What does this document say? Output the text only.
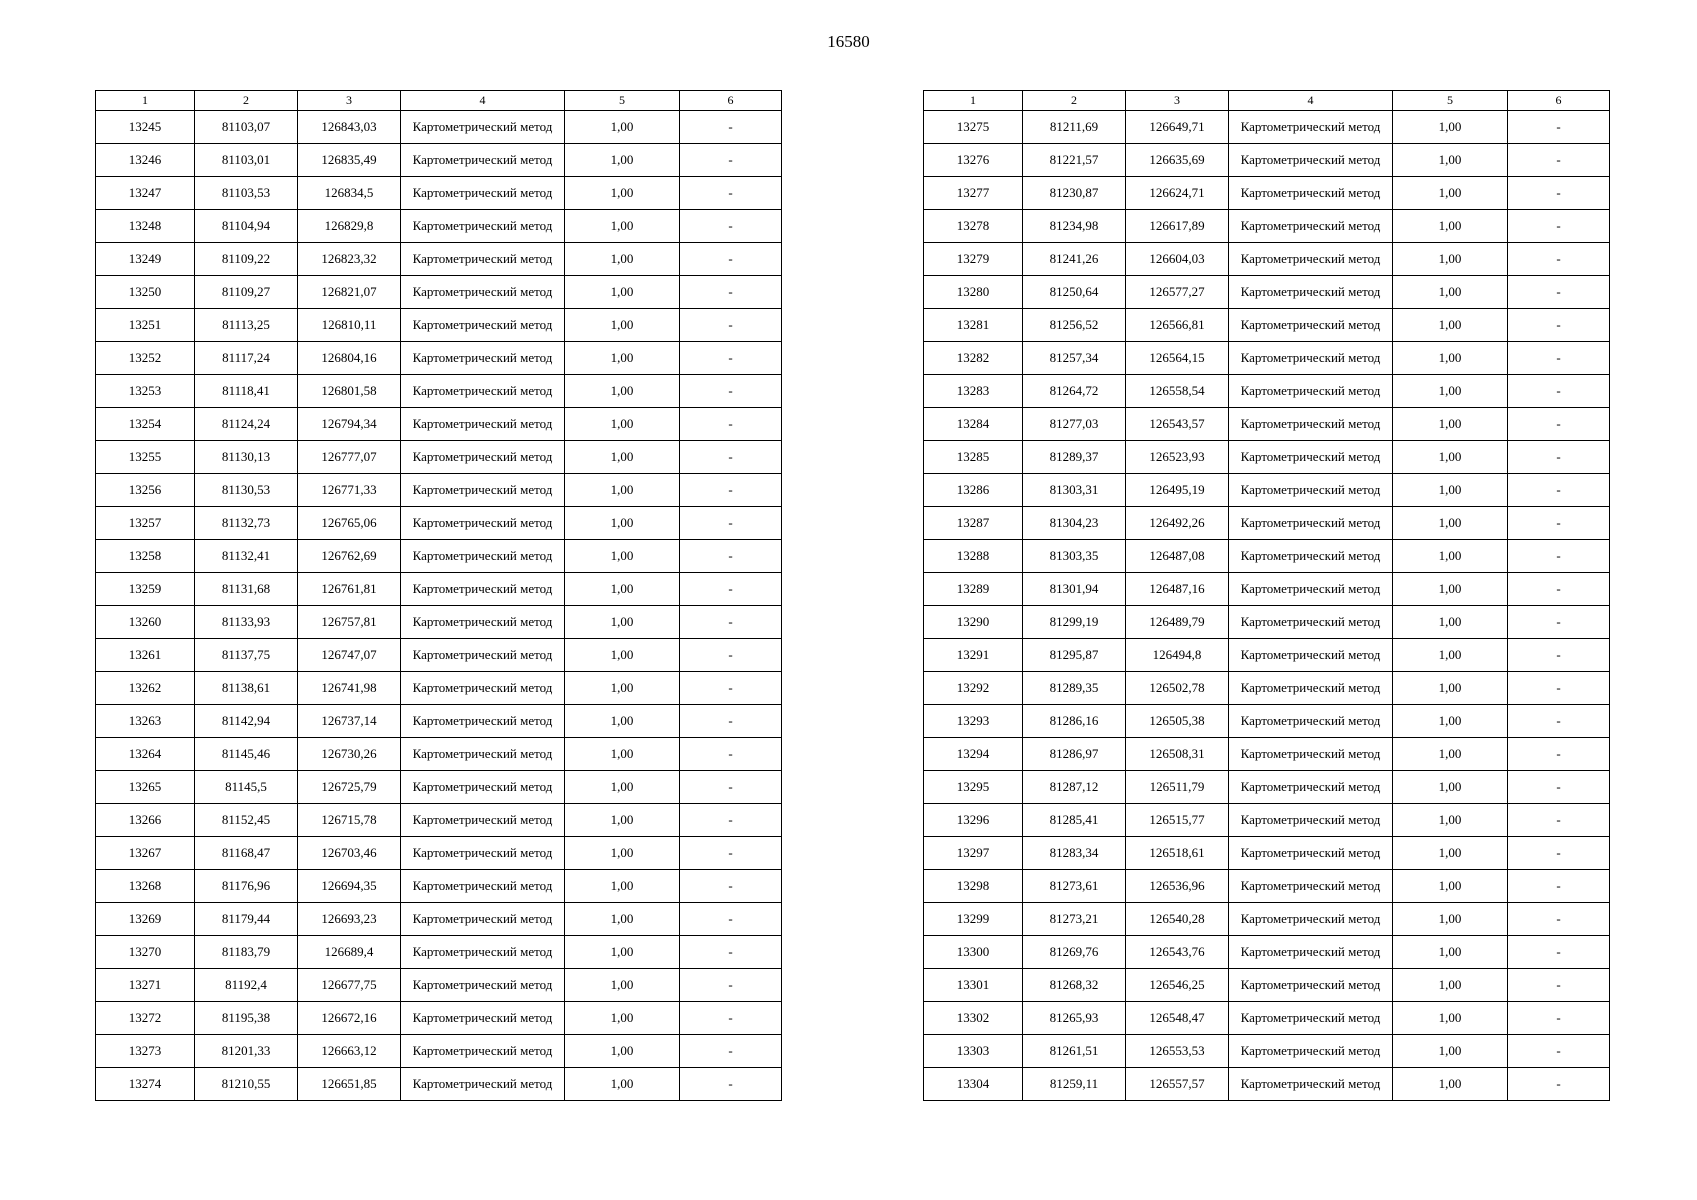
16580
1	2	3	4	5	6
13245	81103,07	126843,03	Картометрический метод	1,00	-
13246	81103,01	126835,49	Картометрический метод	1,00	-
13247	81103,53	126834,5	Картометрический метод	1,00	-
13248	81104,94	126829,8	Картометрический метод	1,00	-
13249	81109,22	126823,32	Картометрический метод	1,00	-
13250	81109,27	126821,07	Картометрический метод	1,00	-
13251	81113,25	126810,11	Картометрический метод	1,00	-
13252	81117,24	126804,16	Картометрический метод	1,00	-
13253	81118,41	126801,58	Картометрический метод	1,00	-
13254	81124,24	126794,34	Картометрический метод	1,00	-
13255	81130,13	126777,07	Картометрический метод	1,00	-
13256	81130,53	126771,33	Картометрический метод	1,00	-
13257	81132,73	126765,06	Картометрический метод	1,00	-
13258	81132,41	126762,69	Картометрический метод	1,00	-
13259	81131,68	126761,81	Картометрический метод	1,00	-
13260	81133,93	126757,81	Картометрический метод	1,00	-
13261	81137,75	126747,07	Картометрический метод	1,00	-
13262	81138,61	126741,98	Картометрический метод	1,00	-
13263	81142,94	126737,14	Картометрический метод	1,00	-
13264	81145,46	126730,26	Картометрический метод	1,00	-
13265	81145,5	126725,79	Картометрический метод	1,00	-
13266	81152,45	126715,78	Картометрический метод	1,00	-
13267	81168,47	126703,46	Картометрический метод	1,00	-
13268	81176,96	126694,35	Картометрический метод	1,00	-
13269	81179,44	126693,23	Картометрический метод	1,00	-
13270	81183,79	126689,4	Картометрический метод	1,00	-
13271	81192,4	126677,75	Картометрический метод	1,00	-
13272	81195,38	126672,16	Картометрический метод	1,00	-
13273	81201,33	126663,12	Картометрический метод	1,00	-
13274	81210,55	126651,85	Картометрический метод	1,00	-
1	2	3	4	5	6
13275	81211,69	126649,71	Картометрический метод	1,00	-
13276	81221,57	126635,69	Картометрический метод	1,00	-
13277	81230,87	126624,71	Картометрический метод	1,00	-
13278	81234,98	126617,89	Картометрический метод	1,00	-
13279	81241,26	126604,03	Картометрический метод	1,00	-
13280	81250,64	126577,27	Картометрический метод	1,00	-
13281	81256,52	126566,81	Картометрический метод	1,00	-
13282	81257,34	126564,15	Картометрический метод	1,00	-
13283	81264,72	126558,54	Картометрический метод	1,00	-
13284	81277,03	126543,57	Картометрический метод	1,00	-
13285	81289,37	126523,93	Картометрический метод	1,00	-
13286	81303,31	126495,19	Картометрический метод	1,00	-
13287	81304,23	126492,26	Картометрический метод	1,00	-
13288	81303,35	126487,08	Картометрический метод	1,00	-
13289	81301,94	126487,16	Картометрический метод	1,00	-
13290	81299,19	126489,79	Картометрический метод	1,00	-
13291	81295,87	126494,8	Картометрический метод	1,00	-
13292	81289,35	126502,78	Картометрический метод	1,00	-
13293	81286,16	126505,38	Картометрический метод	1,00	-
13294	81286,97	126508,31	Картометрический метод	1,00	-
13295	81287,12	126511,79	Картометрический метод	1,00	-
13296	81285,41	126515,77	Картометрический метод	1,00	-
13297	81283,34	126518,61	Картометрический метод	1,00	-
13298	81273,61	126536,96	Картометрический метод	1,00	-
13299	81273,21	126540,28	Картометрический метод	1,00	-
13300	81269,76	126543,76	Картометрический метод	1,00	-
13301	81268,32	126546,25	Картометрический метод	1,00	-
13302	81265,93	126548,47	Картометрический метод	1,00	-
13303	81261,51	126553,53	Картометрический метод	1,00	-
13304	81259,11	126557,57	Картометрический метод	1,00	-
